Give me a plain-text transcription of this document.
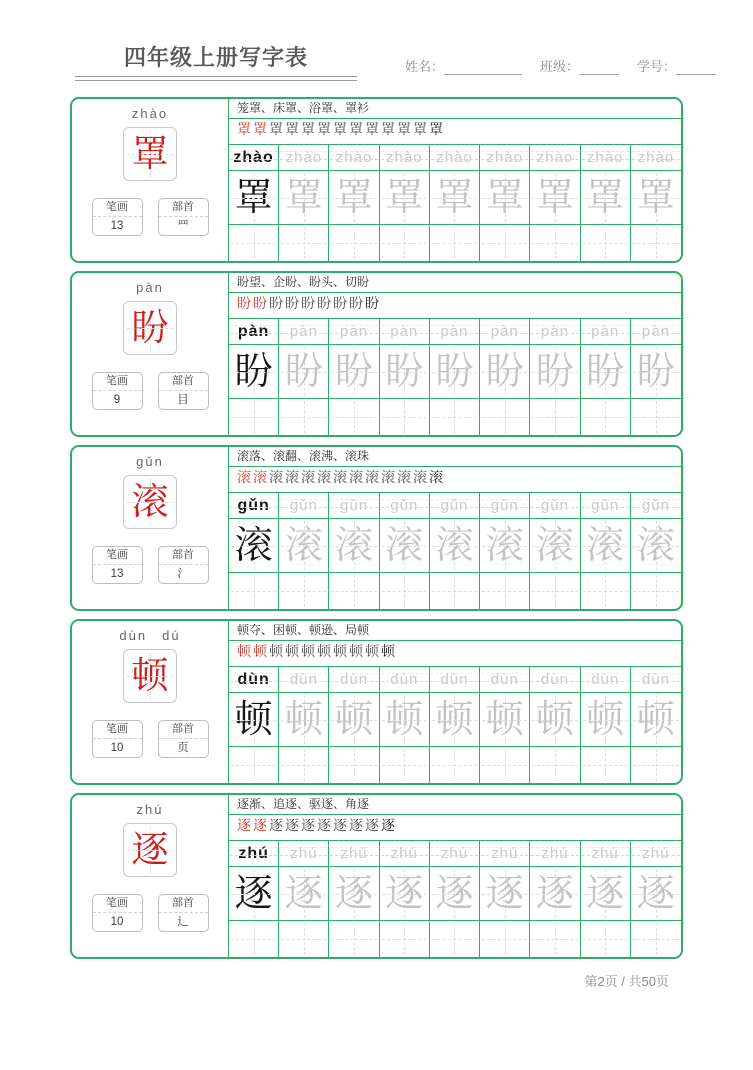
四年级上册写字表	姓名：	班级：	学号：
zhào
罩
笔画
13
部首
罒
笼罩、床罩、浴罩、罩衫
罩 罩 罩 罩 罩 罩 罩 罩 罩 罩 罩 罩 罩
zhào zhào zhào zhào zhào zhào zhào zhào zhào
罩 罩 罩 罩 罩 罩 罩 罩 罩
pàn
盼
笔画
9
部首
目
盼望、企盼、盼头、切盼
盼 盼 盼 盼 盼 盼 盼 盼 盼
pàn pàn pàn pàn pàn pàn pàn pàn pàn
盼 盼 盼 盼 盼 盼 盼 盼 盼
gǔn
滚
笔画
13
部首
氵
滚落、滚翻、滚沸、滚珠
滚 滚 滚 滚 滚 滚 滚 滚 滚 滚 滚 滚 滚
gǔn gǔn gǔn gǔn gǔn gǔn gǔn gǔn gǔn
滚 滚 滚 滚 滚 滚 滚 滚 滚
dùn　dú
顿
笔画
10
部首
页
顿夺、困顿、顿逊、局顿
顿 顿 顿 顿 顿 顿 顿 顿 顿 顿
dùn dùn dùn dùn dùn dùn dùn dùn dùn
顿 顿 顿 顿 顿 顿 顿 顿 顿
zhú
逐
笔画
10
部首
辶
逐渐、追逐、驱逐、角逐
逐 逐 逐 逐 逐 逐 逐 逐 逐 逐
zhú zhú zhú zhú zhú zhú zhú zhú zhú
逐 逐 逐 逐 逐 逐 逐 逐 逐
第2页 / 共50页
